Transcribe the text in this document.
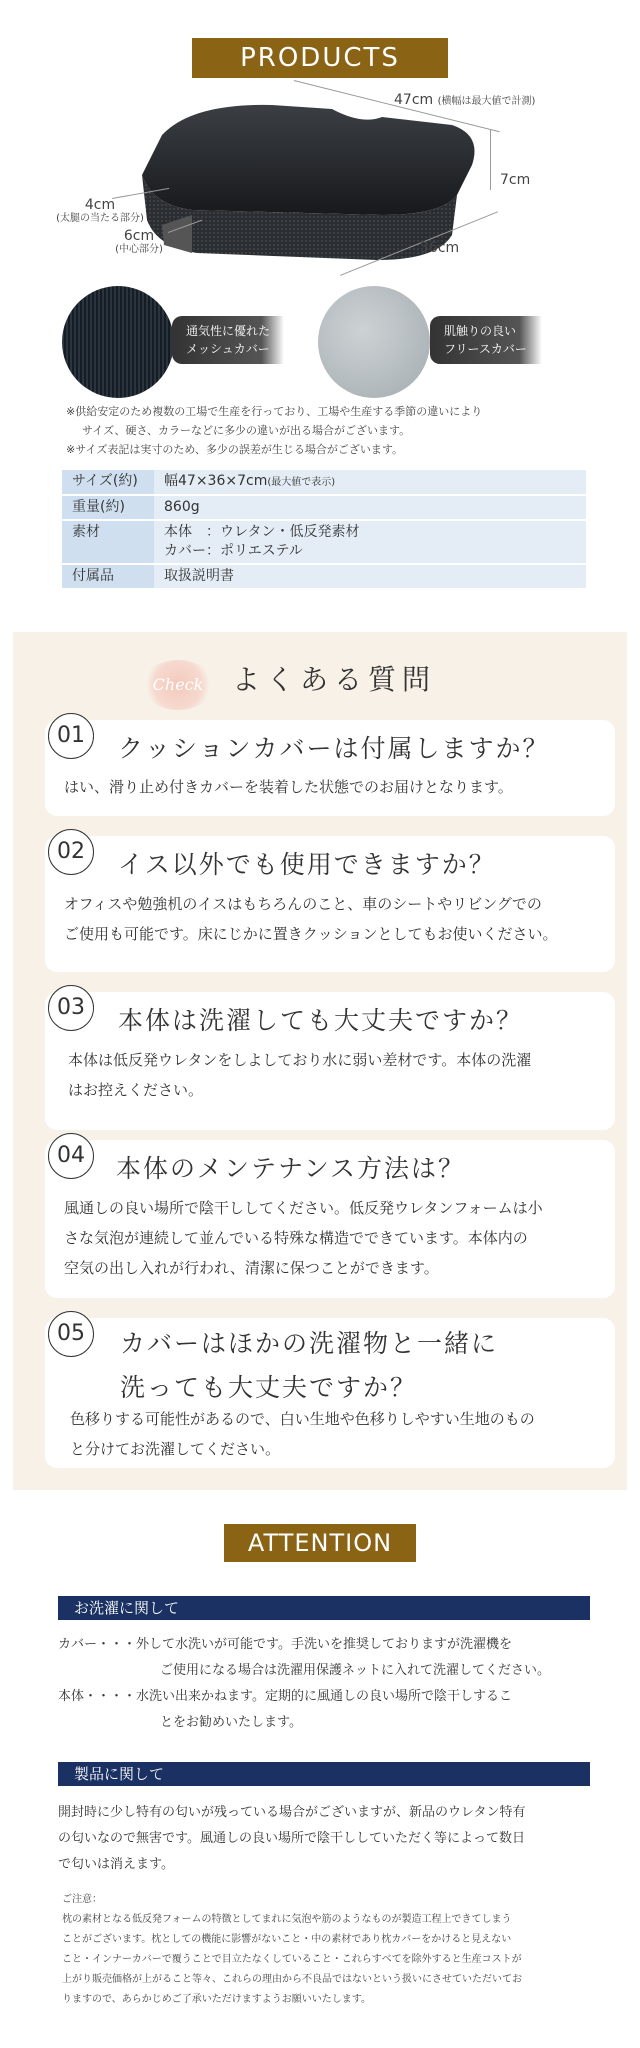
PRODUCTS
47cm (横幅は最大値で計測)
7cm
36cm
4cm
(太腿の当たる部分)
6cm
(中心部分)
通気性に優れた
メッシュカバー
肌触りの良い
フリースカバー
※供給安定のため複数の工場で生産を行っており、工場や生産する季節の違いにより
サイズ、硬さ、カラーなどに多少の違いが出る場合がございます。
※サイズ表記は実寸のため、多少の誤差が生じる場合がございます。
サイズ(約)	幅47×36×7cm(最大値で表示)
重量(約)	860g
素材	本体　：ウレタン・低反発素材
カバー：ポリエステル

付属品	取扱説明書
Check	よくある質問
01	クッションカバーは付属しますか？
はい、滑り止め付きカバーを装着した状態でのお届けとなります。
02	イス以外でも使用できますか？
オフィスや勉強机のイスはもちろんのこと、車のシートやリビングでの
ご使用も可能です。床にじかに置きクッションとしてもお使いください。
03	本体は洗濯しても大丈夫ですか？
本体は低反発ウレタンをしよしており水に弱い差材です。本体の洗濯
はお控えください。
04	本体のメンテナンス方法は？
風通しの良い場所で陰干ししてください。低反発ウレタンフォームは小
さな気泡が連続して並んでいる特殊な構造でできています。本体内の
空気の出し入れが行われ、清潔に保つことができます。
05	カバーはほかの洗濯物と一緒に
洗っても大丈夫ですか？
色移りする可能性があるので、白い生地や色移りしやすい生地のもの
と分けてお洗濯してください。
ATTENTION
お洗濯に関して
カバー・・・外して水洗いが可能です。手洗いを推奨しておりますが洗濯機を
ご使用になる場合は洗濯用保護ネットに入れて洗濯してください。
本体・・・・水洗い出来かねます。定期的に風通しの良い場所で陰干しするこ
とをお勧めいたします。
製品に関して
開封時に少し特有の匂いが残っている場合がございますが、新品のウレタン特有
の匂いなので無害です。風通しの良い場所で陰干ししていただく等によって数日
で匂いは消えます。
ご注意：
枕の素材となる低反発フォームの特徴としてまれに気泡や筋のようなものが製造工程上できてしまう
ことがございます。枕としての機能に影響がないこと・中の素材であり枕カバーをかけると見えない
こと・インナーカバーで覆うことで目立たなくしていること・これらすべてを除外すると生産コストが
上がり販売価格が上がること等々、これらの理由から不良品ではないという扱いにさせていただいてお
りますので、あらかじめご了承いただけますようお願いいたします。
